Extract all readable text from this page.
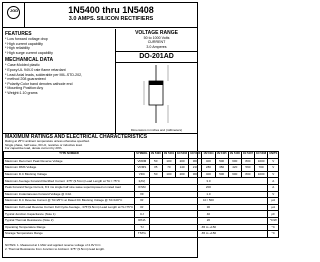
JGD	1N5400 thru 1N5408
3.0 AMPS. SILICON RECTIFIERS
FEATURES
* Low forward voltage drop
* High current capability
* High reliability
* High surge current capability
MECHANICAL DATA
* Case:Molded plastic
* Epoxy:UL 94V-0 rate flame retardant
* Lead:Axial leads, solderable per MIL-STD-202,
* method 208 guaranteed
* Polarity:Color band denotes cathode end
* Mounting Position:Any
* Weight:1.10 grams
VOLTAGE RANGE
50 to 1000 Volts
CURRENT
3.0 Amperes
DO-201AD
Dimensions in inches and (millimeters)
MAXIMUM RATINGS AND ELECTRICAL CHARACTERISTICS
Rating at 25°C ambient temperature unless otherwise specified.
Single phase, half wave, 60 Hz, resistive or inductive load.
For capacitive load, derate current by 20%.
TYPE NUMBER	SYMBOL	1N 5400	1N 5401	1N 5402	1N 5403	1N 5404	1N 5405	1N 5406	1N 5407	1N 5408	UNITS
Maximum Recurrent Peak Reverse Voltage	VRRM	50	100	200	300	400	500	600	800	1000	V
Maximum RMS Voltage	VRMS	35	70	140	210	280	350	420	560	700	V
Maximum D.C Blocking Voltage	VDC	50	100	200	300	400	500	600	800	1000	V
Maximum Average Forward Rectified Current .375" (9.5mm) Lead Length at TA = 75°C	I(AV)	3.0									A
Peak Forward Surge Current, 8.3 ms single half sine-wave superimposed on rated load	IFSM	200									A
Maximum Instantaneous Forward Voltage @ 3.0A	VF	1.0									V
Maximum D.C Reverse Current @ TA=25°C at Rated DC Blocking Voltage @ TA=100°C	IR	10 / 500									µA
Maximum Full Load Reverse Current Full Cycle Average, .375"(9.5mm) Lead Length at TL=75°C	IR	30									µA
Typical Junction Capacitance (Note 1)	CJ	40									pF
Typical Thermal Resistance (Note 2)	RθJA	20									°C/W
Operating Temperature Range	TJ	-65 to +150									°C
Storage Temperature Range	TSTG	-65 to +150									°C
NOTES: 1. Measured at 1 MHz and applied reverse voltage of 4.0V D.C.
2. Thermal Resistance from Junction to Ambient .375" (9.5mm) lead length.
